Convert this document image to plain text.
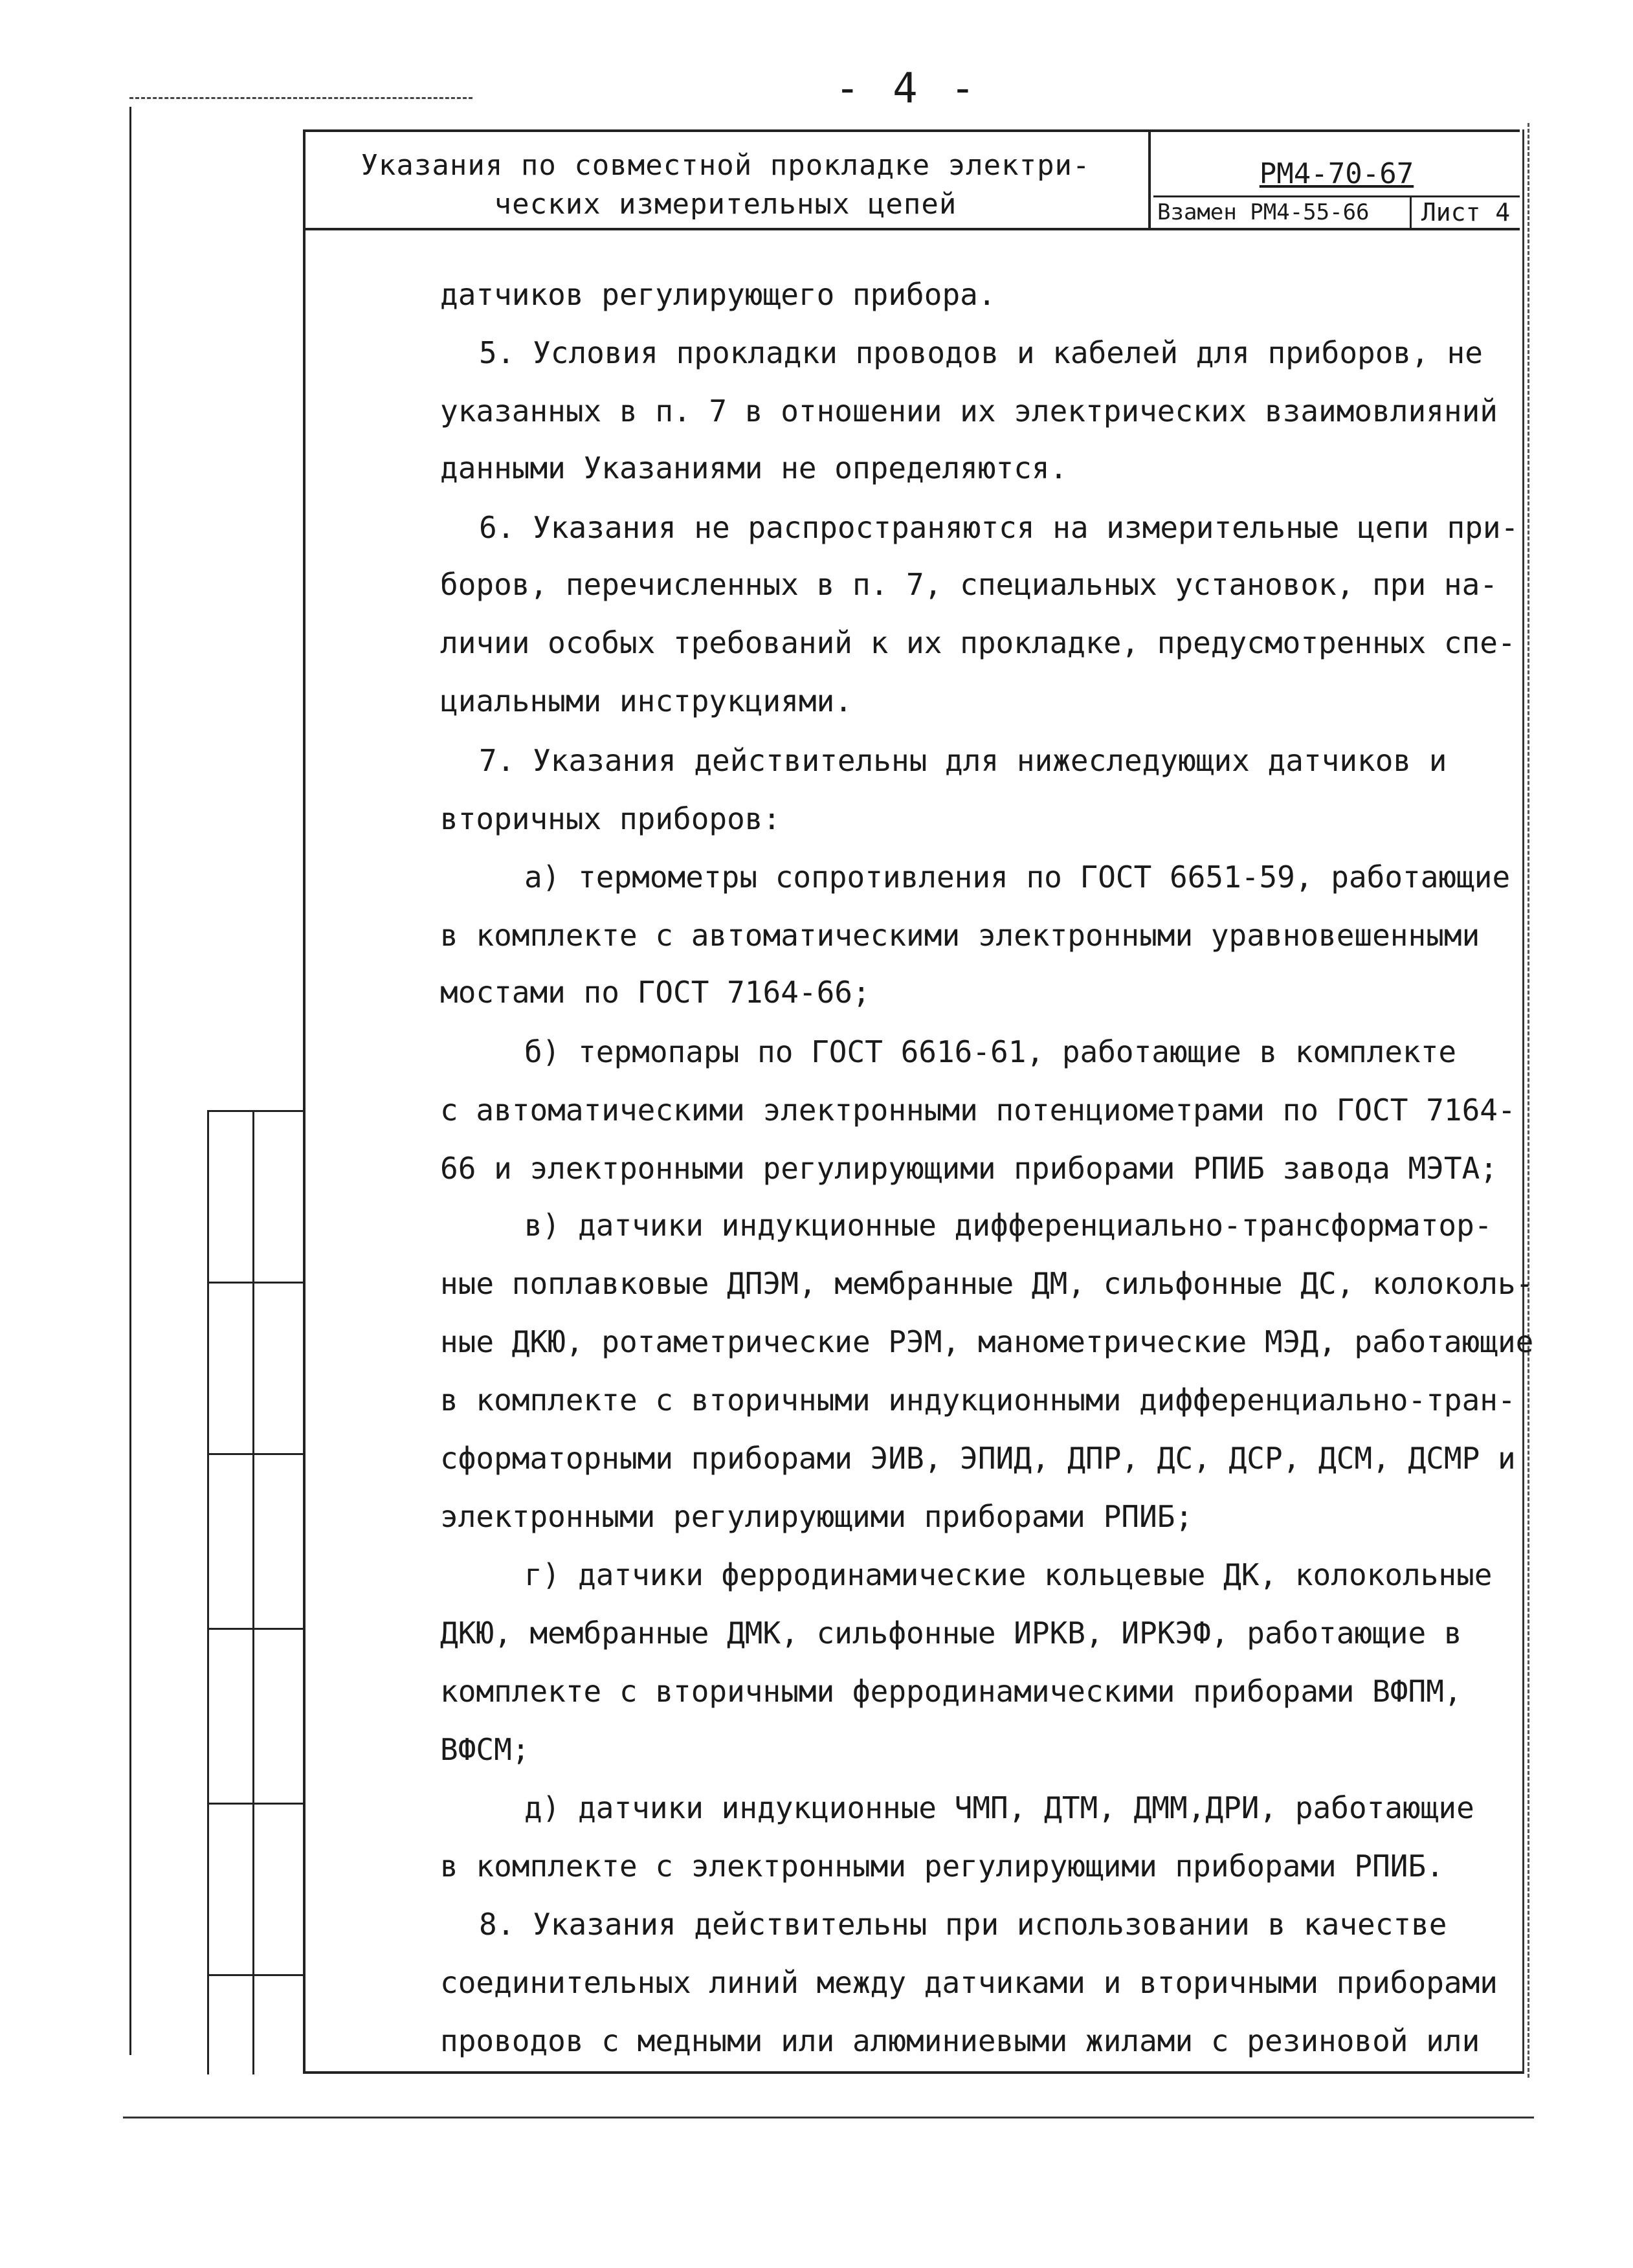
- 4 -
Указания по совместной прокладке электри-
ческих измерительных цепей
РМ4-70-67
Взамен РМ4-55-66	Лист 4
датчиков регулирующего прибора.
5. Условия прокладки проводов и кабелей для приборов, не
указанных в п. 7 в отношении их электрических взаимовлияний
данными Указаниями не определяются.
6. Указания не распространяются на измерительные цепи при-
боров, перечисленных в п. 7, специальных установок, при на-
личии особых требований к их прокладке, предусмотренных спе-
циальными инструкциями.
7. Указания действительны для нижеследующих датчиков и
вторичных приборов:
а) термометры сопротивления по ГОСТ 6651-59, работающие
в комплекте с автоматическими электронными уравновешенными
мостами по ГОСТ 7164-66;
б) термопары по ГОСТ 6616-61, работающие в комплекте
с автоматическими электронными потенциометрами по ГОСТ 7164-
66 и электронными регулирующими приборами РПИБ завода МЭТА;
в) датчики индукционные дифференциально-трансформатор-
ные поплавковые ДПЭМ, мембранные ДМ, сильфонные ДС, колоколь-
ные ДКЮ, ротаметрические РЭМ, манометрические МЭД, работающие
в комплекте с вторичными индукционными дифференциально-тран-
сформаторными приборами ЭИВ, ЭПИД, ДПР, ДС, ДСР, ДСМ, ДСМР и
электронными регулирующими приборами РПИБ;
г) датчики ферродинамические кольцевые ДК, колокольные
ДКЮ, мембранные ДМК, сильфонные ИРКВ, ИРКЭФ, работающие в
комплекте с вторичными ферродинамическими приборами ВФПМ,
ВФСМ;
д) датчики индукционные ЧМП, ДТМ, ДММ,ДРИ, работающие
в комплекте с электронными регулирующими приборами РПИБ.
8. Указания действительны при использовании в качестве
соединительных линий между датчиками и вторичными приборами
проводов с медными или алюминиевыми жилами с резиновой или
